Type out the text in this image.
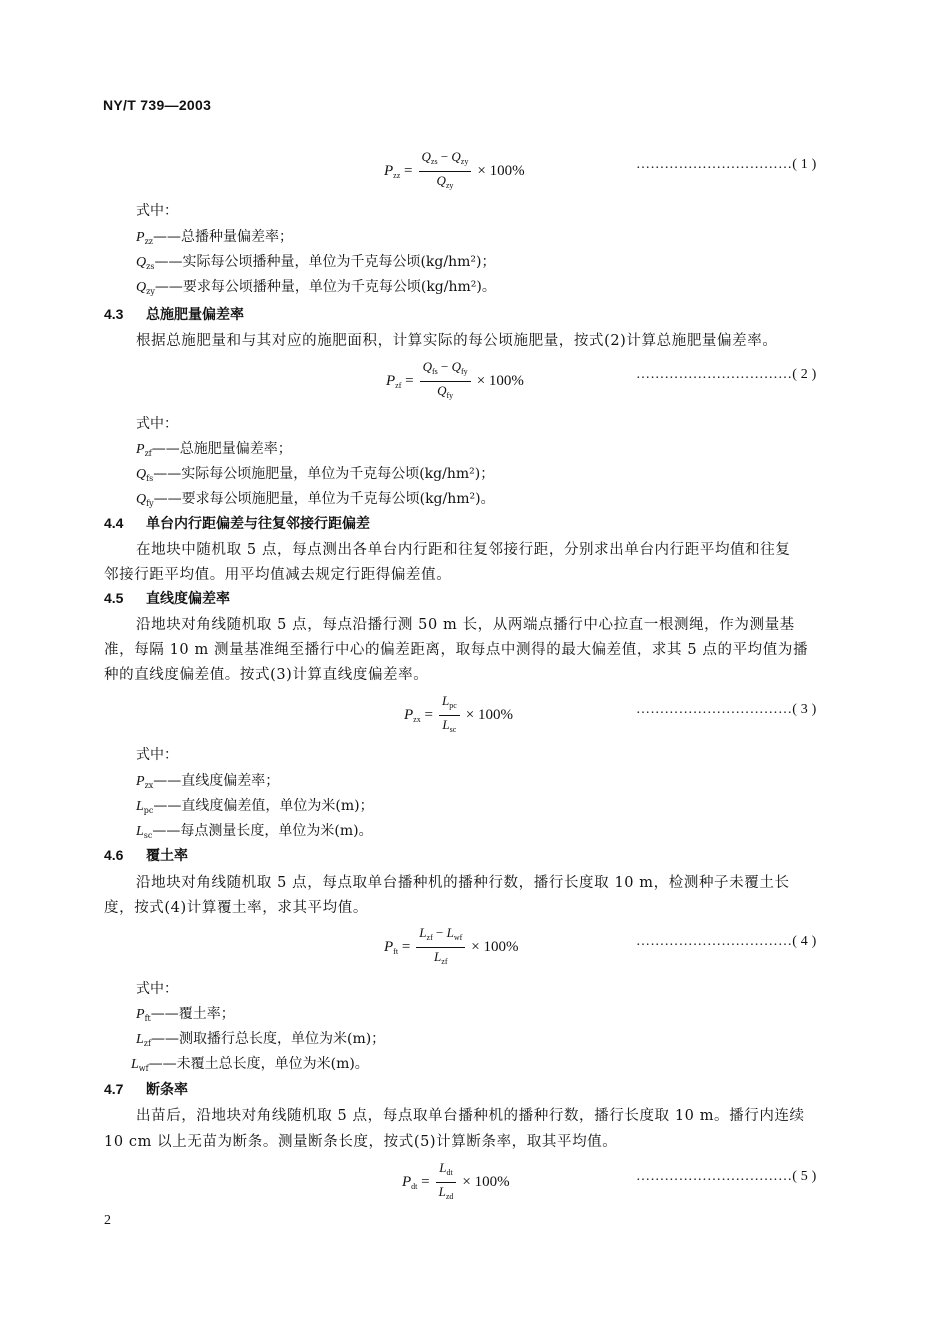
NY/T 739—2003
$P_{zz} = \frac{Q_{zs} - Q_{zy}}{Q_{zy}} \times 100\%$	……………………………( 1 )
式中：
$P_{zz}——$总播种量偏差率；
$Q_{zs}——$实际每公顷播种量，单位为千克每公顷(kg/hm²)；
$Q_{zy}——$要求每公顷播种量，单位为千克每公顷(kg/hm²)。
4.3 总施肥量偏差率
根据总施肥量和与其对应的施肥面积，计算实际的每公顷施肥量，按式(2)计算总施肥量偏差率。
$P_{zf} = \frac{Q_{fs} - Q_{fy}}{Q_{fy}} \times 100\%$	……………………………( 2 )
式中：
$P_{zf}——$总施肥量偏差率；
$Q_{fs}——$实际每公顷施肥量，单位为千克每公顷(kg/hm²)；
$Q_{fy}——$要求每公顷施肥量，单位为千克每公顷(kg/hm²)。
4.4 单台内行距偏差与往复邻接行距偏差
在地块中随机取 5 点，每点测出各单台内行距和往复邻接行距，分别求出单台内行距平均值和往复
邻接行距平均值。用平均值减去规定行距得偏差值。
4.5 直线度偏差率
沿地块对角线随机取 5 点，每点沿播行测 50 m 长，从两端点播行中心拉直一根测绳，作为测量基
准，每隔 10 m 测量基准绳至播行中心的偏差距离，取每点中测得的最大偏差值，求其 5 点的平均值为播
种的直线度偏差值。按式(3)计算直线度偏差率。
$P_{zx} = \frac{L_{pc}}{L_{sc}} \times 100\%$	……………………………( 3 )
式中：
$P_{zx}——$直线度偏差率；
$L_{pc}——$直线度偏差值，单位为米(m)；
$L_{sc}——$每点测量长度，单位为米(m)。
4.6 覆土率
沿地块对角线随机取 5 点，每点取单台播种机的播种行数，播行长度取 10 m，检测种子未覆土长
度，按式(4)计算覆土率，求其平均值。
$P_{ft} = \frac{L_{zf} - L_{wf}}{L_{zf}} \times 100\%$	……………………………( 4 )
式中：
$P_{ft}——$覆土率；
$L_{zf}——$测取播行总长度，单位为米(m)；
$L_{wf}——$未覆土总长度，单位为米(m)。
4.7 断条率
出苗后，沿地块对角线随机取 5 点，每点取单台播种机的播种行数，播行长度取 10 m。播行内连续
10 cm 以上无苗为断条。测量断条长度，按式(5)计算断条率，取其平均值。
$P_{dt} = \frac{L_{dt}}{L_{zd}} \times 100\%$	……………………………( 5 )
2
